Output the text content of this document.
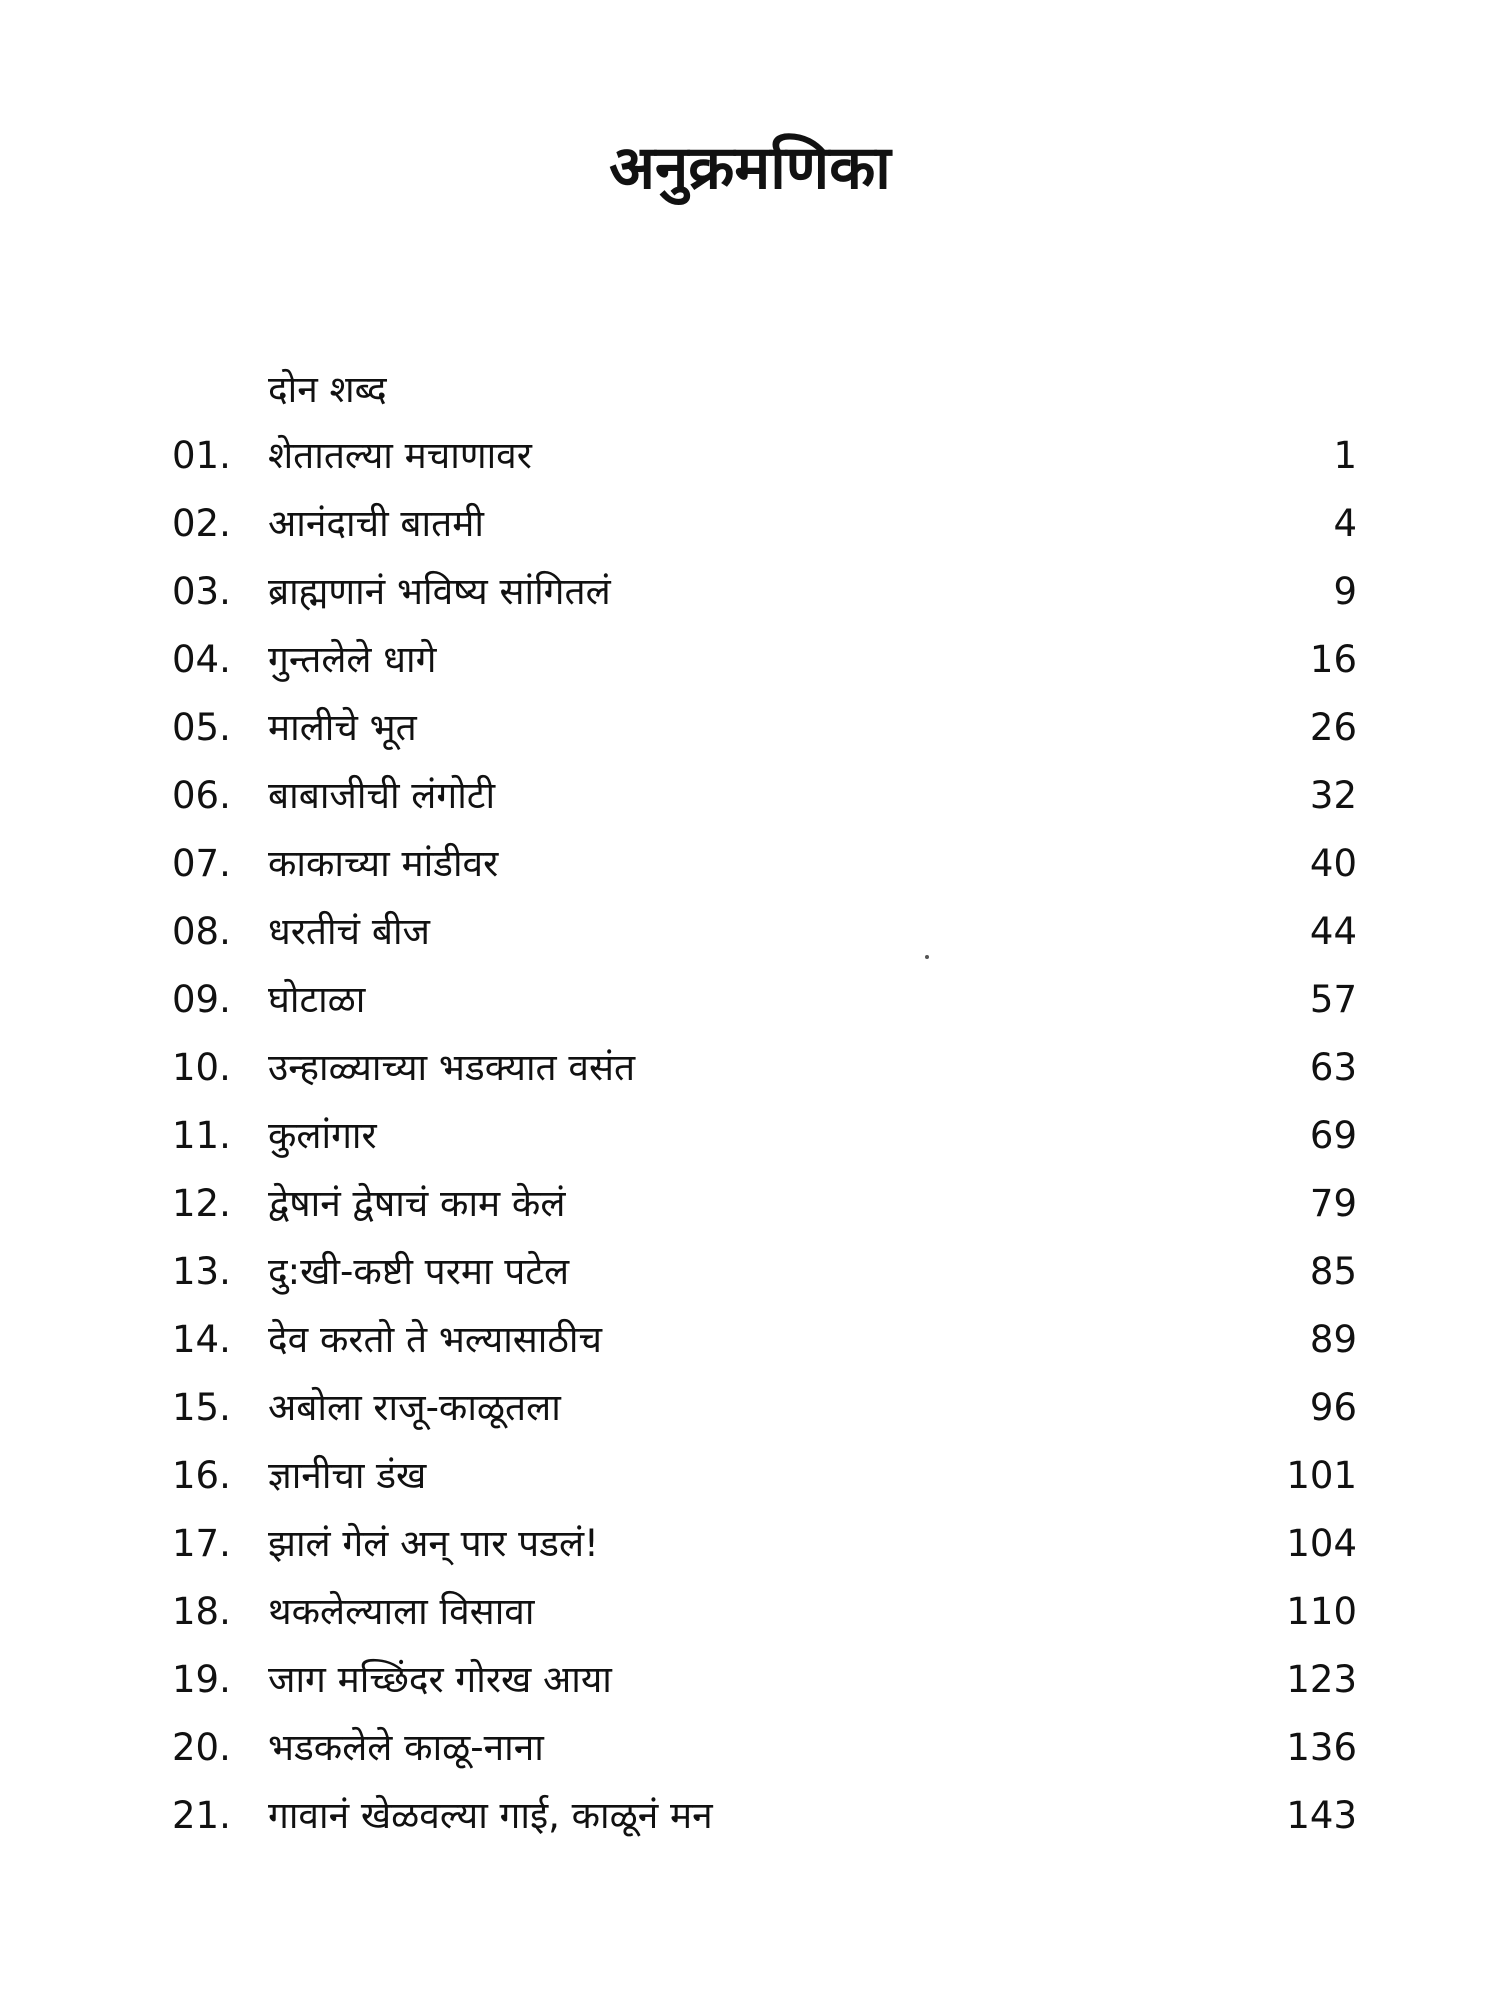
अनुक्रमणिका
दोन शब्द
01.	शेतातल्या मचाणावर	1
02.	आनंदाची बातमी	4
03.	ब्राह्मणानं भविष्य सांगितलं	9
04.	गुन्तलेले धागे	16
05.	मालीचे भूत	26
06.	बाबाजीची लंगोटी	32
07.	काकाच्या मांडीवर	40
08.	धरतीचं बीज	44
09.	घोटाळा	57
10.	उन्हाळ्याच्या भडक्यात वसंत	63
11.	कुलांगार	69
12.	द्वेषानं द्वेषाचं काम केलं	79
13.	दु:खी-कष्टी परमा पटेल	85
14.	देव करतो ते भल्यासाठीच	89
15.	अबोला राजू-काळूतला	96
16.	ज्ञानीचा डंख	101
17.	झालं गेलं अन् पार पडलं!	104
18.	थकलेल्याला विसावा	110
19.	जाग मच्छिंदर गोरख आया	123
20.	भडकलेले काळू-नाना	136
21.	गावानं खेळवल्या गाई, काळूनं मन	143
